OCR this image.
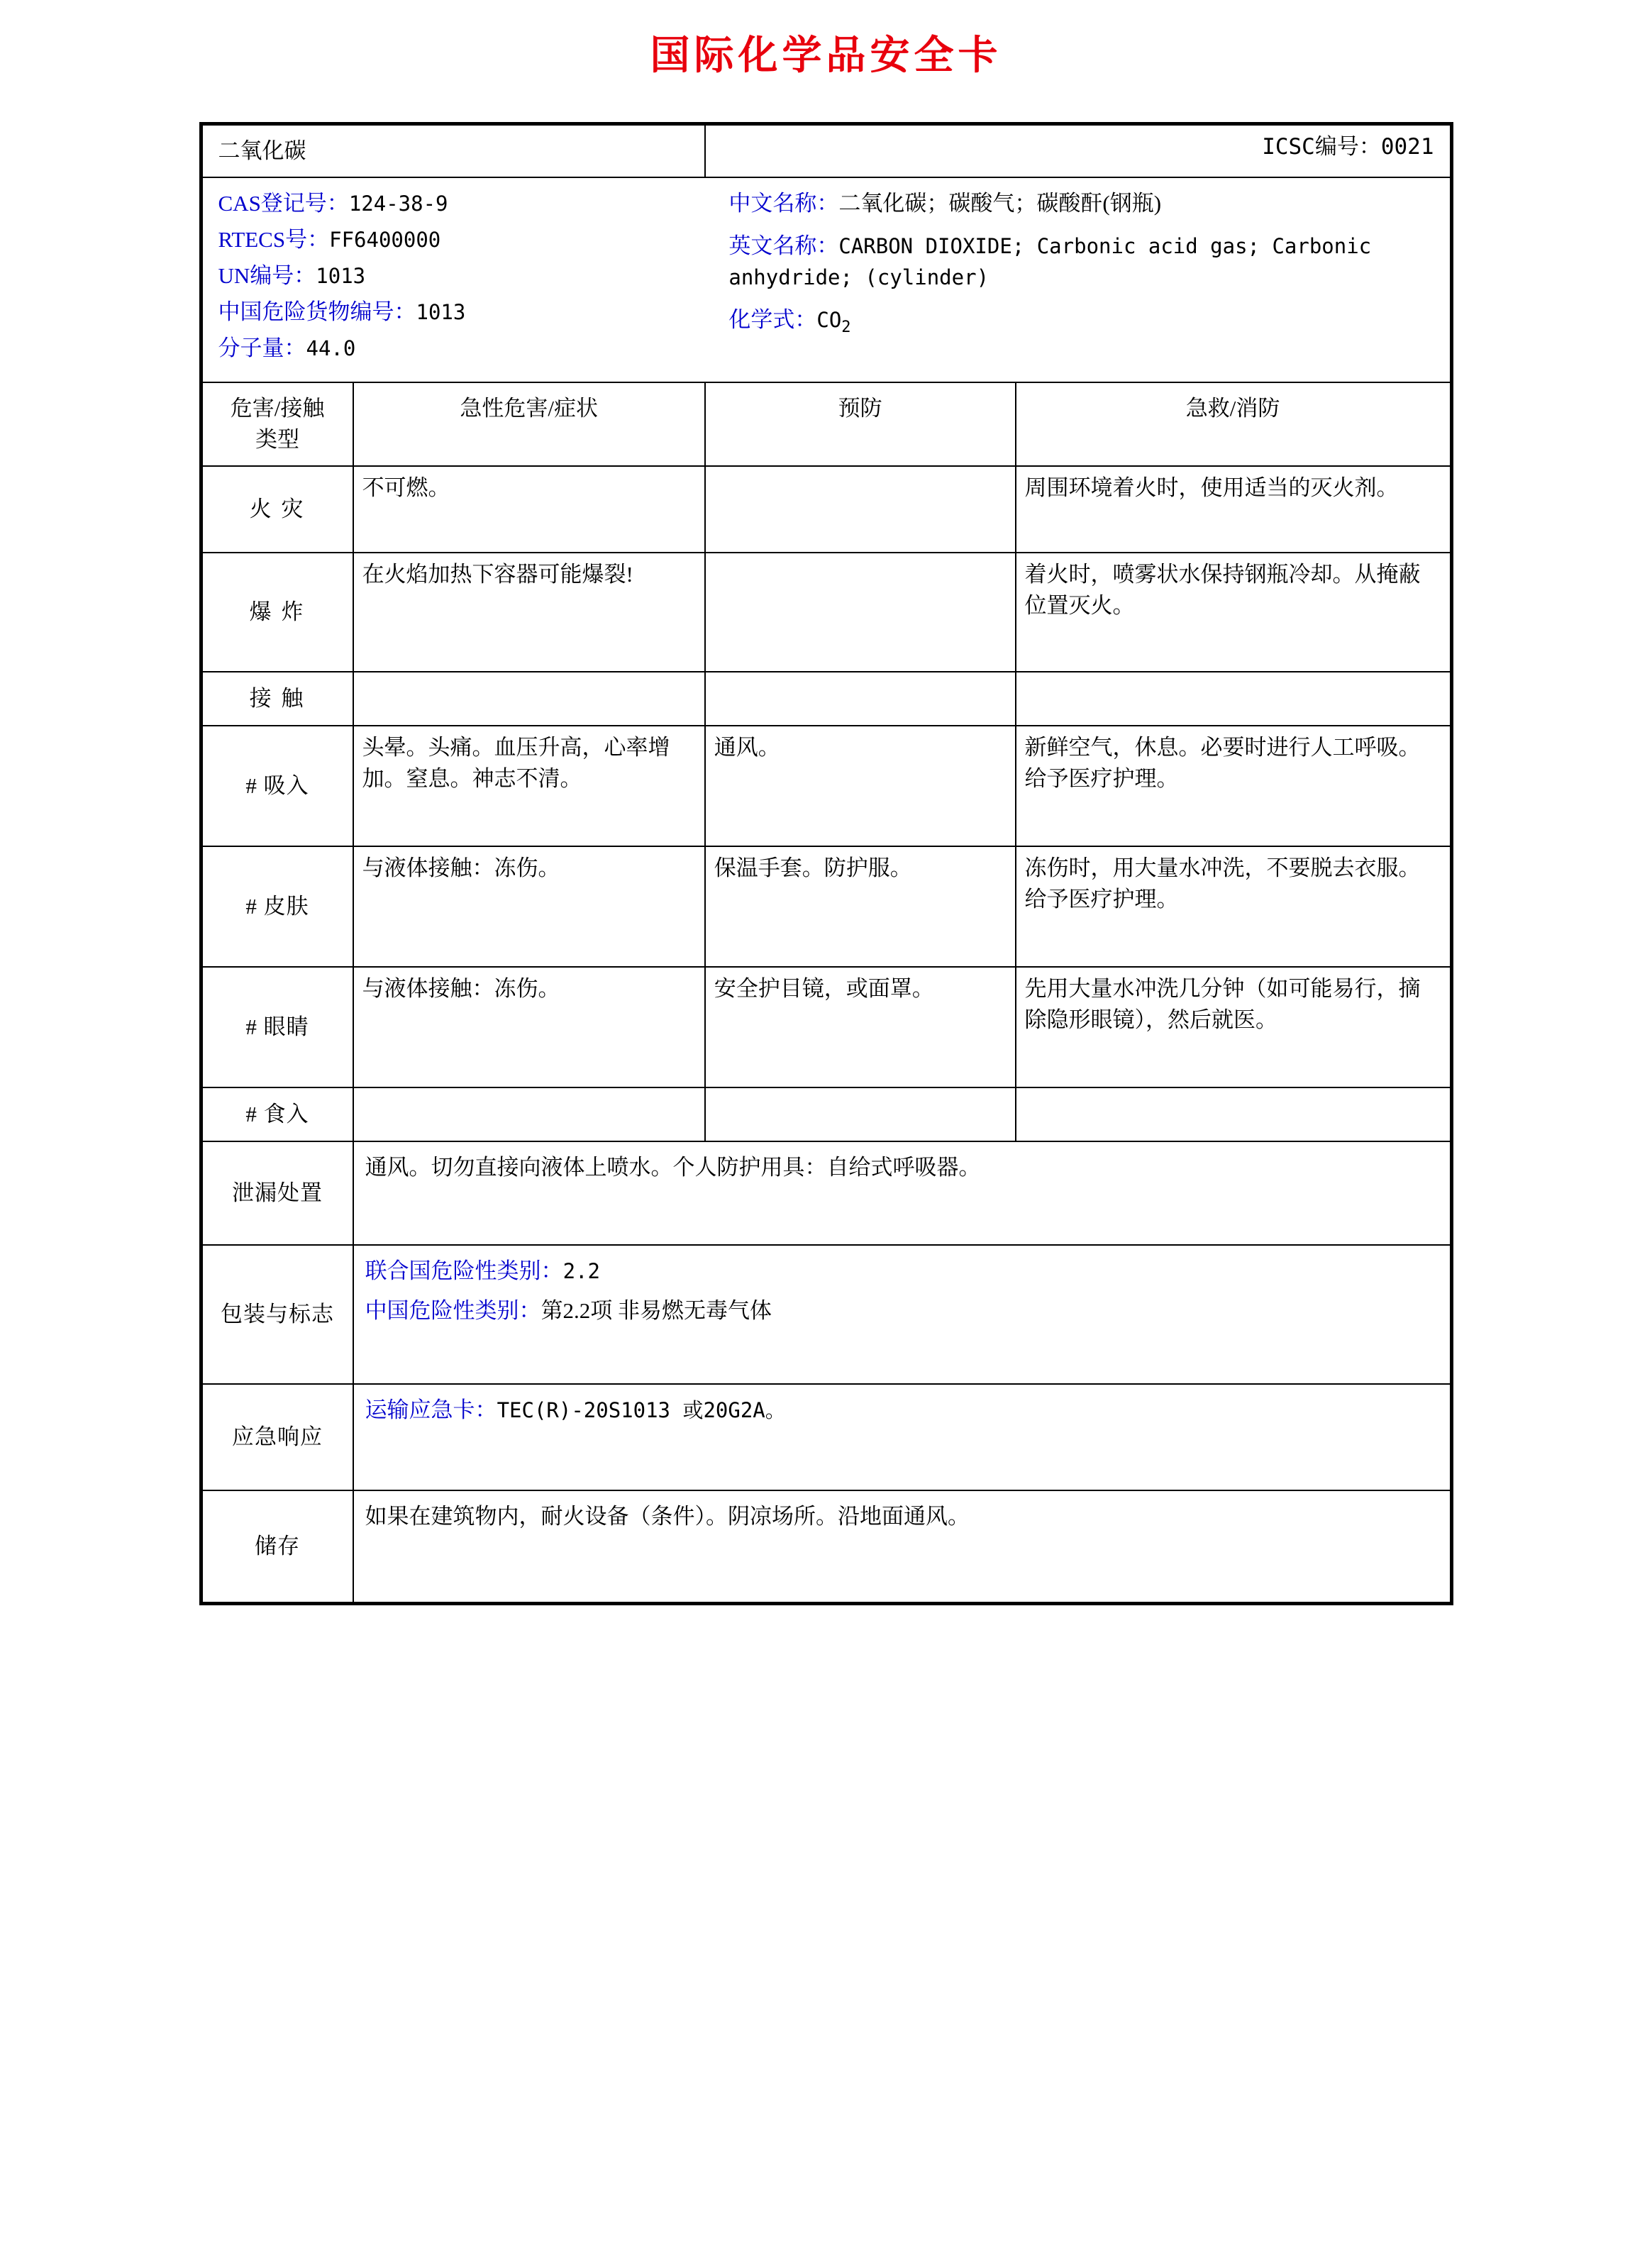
国际化学品安全卡
二氧化碳		ICSC编号：0021	

CAS登记号：124-38-9

RTECS号：FF6400000

UN编号：1013

中国危险货物编号：1013

分子量：44.0

中文名称：二氧化碳；碳酸气；碳酸酐(钢瓶)

英文名称：CARBON DIOXIDE; Carbonic acid gas; Carbonic anhydride; (cylinder)

化学式：$CO_2$

危害/接触
类型	急性危害/症状	预防	急救/消防
火 灾	不可燃。		周围环境着火时，使用适当的灭火剂。
爆 炸	在火焰加热下容器可能爆裂!		着火时，喷雾状水保持钢瓶冷却。从掩蔽位置灭火。
接 触			
# 吸入	头晕。头痛。血压升高，心率增加。窒息。神志不清。	通风。	新鲜空气，休息。必要时进行人工呼吸。给予医疗护理。
# 皮肤	与液体接触：冻伤。	保温手套。防护服。	冻伤时，用大量水冲洗，不要脱去衣服。给予医疗护理。
# 眼睛	与液体接触：冻伤。	安全护目镜，或面罩。	先用大量水冲洗几分钟（如可能易行，摘除隐形眼镜），然后就医。
# 食入			
泄漏处置	通风。切勿直接向液体上喷水。个人防护用具：自给式呼吸器。		
包装与标志	联合国危险性类别：2.2

中国危险性类别：第2.2项 非易燃无毒气体		

应急响应	运输应急卡：TEC(R)-20S1013 或20G2A。		

储存	如果在建筑物内，耐火设备（条件）。阴凉场所。沿地面通风。		
